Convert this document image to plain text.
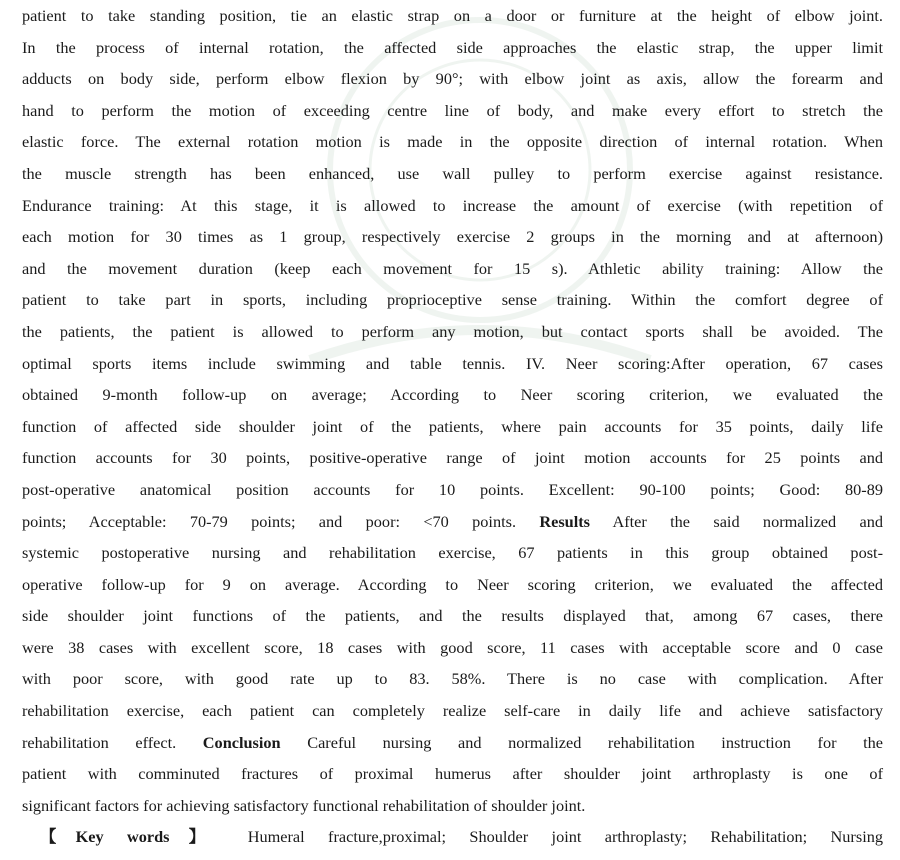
patient to take standing position, tie an elastic strap on a door or furniture at the height of elbow joint.
In the process of internal rotation, the affected side approaches the elastic strap, the upper limit
adducts on body side, perform elbow flexion by 90°; with elbow joint as axis, allow the forearm and
hand to perform the motion of exceeding centre line of body, and make every effort to stretch the
elastic force. The external rotation motion is made in the opposite direction of internal rotation. When
the muscle strength has been enhanced, use wall pulley to perform exercise against resistance.
Endurance training: At this stage, it is allowed to increase the amount of exercise (with repetition of
each motion for 30 times as 1 group, respectively exercise 2 groups in the morning and at afternoon)
and the movement duration (keep each movement for 15 s). Athletic ability training: Allow the
patient to take part in sports, including proprioceptive sense training. Within the comfort degree of
the patients, the patient is allowed to perform any motion, but contact sports shall be avoided. The
optimal sports items include swimming and table tennis. IV. Neer scoring:After operation, 67 cases
obtained 9-month follow-up on average; According to Neer scoring criterion, we evaluated the
function of affected side shoulder joint of the patients, where pain accounts for 35 points, daily life
function accounts for 30 points, positive-operative range of joint motion accounts for 25 points and
post-operative anatomical position accounts for 10 points. Excellent: 90-100 points; Good: 80-89
points; Acceptable: 70-79 points; and poor: <70 points. Results After the said normalized and
systemic postoperative nursing and rehabilitation exercise, 67 patients in this group obtained post-
operative follow-up for 9 on average. According to Neer scoring criterion, we evaluated the affected
side shoulder joint functions of the patients, and the results displayed that, among 67 cases, there
were 38 cases with excellent score, 18 cases with good score, 11 cases with acceptable score and 0 case
with poor score, with good rate up to 83. 58%. There is no case with complication. After
rehabilitation exercise, each patient can completely realize self-care in daily life and achieve satisfactory
rehabilitation effect. Conclusion Careful nursing and normalized rehabilitation instruction for the
patient with comminuted fractures of proximal humerus after shoulder joint arthroplasty is one of
significant factors for achieving satisfactory functional rehabilitation of shoulder joint.
【Key words】 Humeral fracture,proximal; Shoulder joint arthroplasty; Rehabilitation; Nursing
